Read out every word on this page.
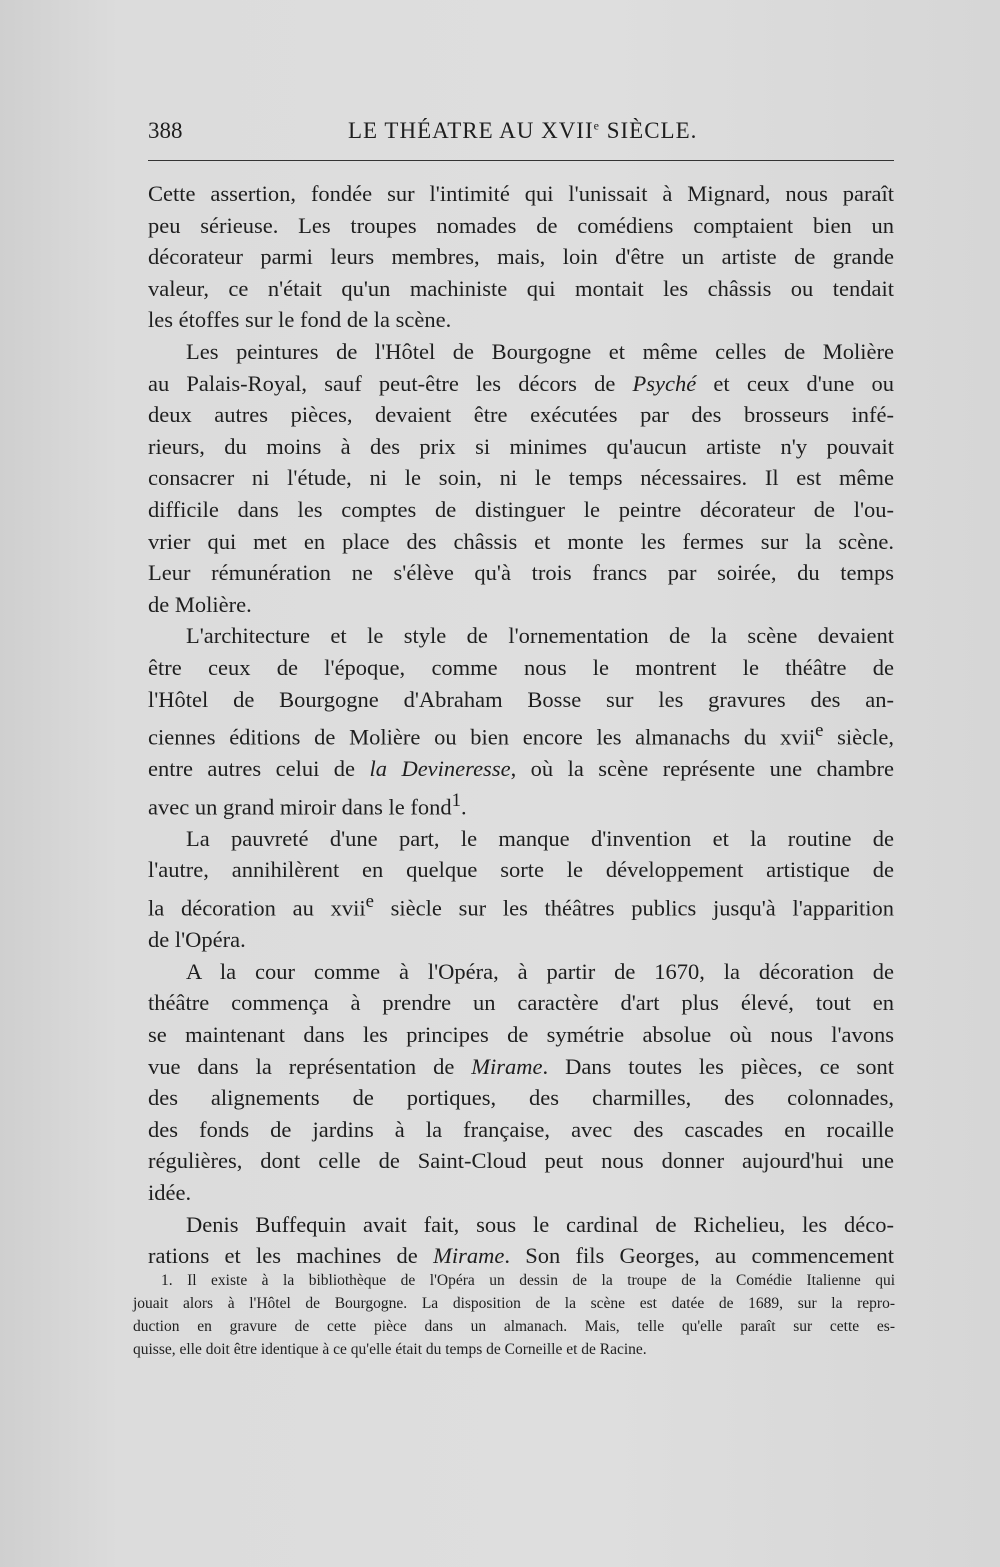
388	LE THÉATRE AU XVIIe SIÈCLE.
Cette assertion, fondée sur l'intimité qui l'unissait à Mignard, nous paraît
peu sérieuse. Les troupes nomades de comédiens comptaient bien un
décorateur parmi leurs membres, mais, loin d'être un artiste de grande
valeur, ce n'était qu'un machiniste qui montait les châssis ou tendait
les étoffes sur le fond de la scène.
Les peintures de l'Hôtel de Bourgogne et même celles de Molière
au Palais-Royal, sauf peut-être les décors de Psyché et ceux d'une ou
deux autres pièces, devaient être exécutées par des brosseurs infé-
rieurs, du moins à des prix si minimes qu'aucun artiste n'y pouvait
consacrer ni l'étude, ni le soin, ni le temps nécessaires. Il est même
difficile dans les comptes de distinguer le peintre décorateur de l'ou-
vrier qui met en place des châssis et monte les fermes sur la scène.
Leur rémunération ne s'élève qu'à trois francs par soirée, du temps
de Molière.
L'architecture et le style de l'ornementation de la scène devaient
être ceux de l'époque, comme nous le montrent le théâtre de
l'Hôtel de Bourgogne d'Abraham Bosse sur les gravures des an-
ciennes éditions de Molière ou bien encore les almanachs du xvii$^e$ siècle,
entre autres celui de la Devineresse, où la scène représente une chambre
avec un grand miroir dans le fond$^1$.
La pauvreté d'une part, le manque d'invention et la routine de
l'autre, annihilèrent en quelque sorte le développement artistique de
la décoration au xvii$^e$ siècle sur les théâtres publics jusqu'à l'apparition
de l'Opéra.
A la cour comme à l'Opéra, à partir de 1670, la décoration de
théâtre commença à prendre un caractère d'art plus élevé, tout en
se maintenant dans les principes de symétrie absolue où nous l'avons
vue dans la représentation de Mirame. Dans toutes les pièces, ce sont
des alignements de portiques, des charmilles, des colonnades,
des fonds de jardins à la française, avec des cascades en rocaille
régulières, dont celle de Saint-Cloud peut nous donner aujourd'hui une
idée.
Denis Buffequin avait fait, sous le cardinal de Richelieu, les déco-
rations et les machines de Mirame. Son fils Georges, au commencement
1. Il existe à la bibliothèque de l'Opéra un dessin de la troupe de la Comédie Italienne qui
jouait alors à l'Hôtel de Bourgogne. La disposition de la scène est datée de 1689, sur la repro-
duction en gravure de cette pièce dans un almanach. Mais, telle qu'elle paraît sur cette es-
quisse, elle doit être identique à ce qu'elle était du temps de Corneille et de Racine.
